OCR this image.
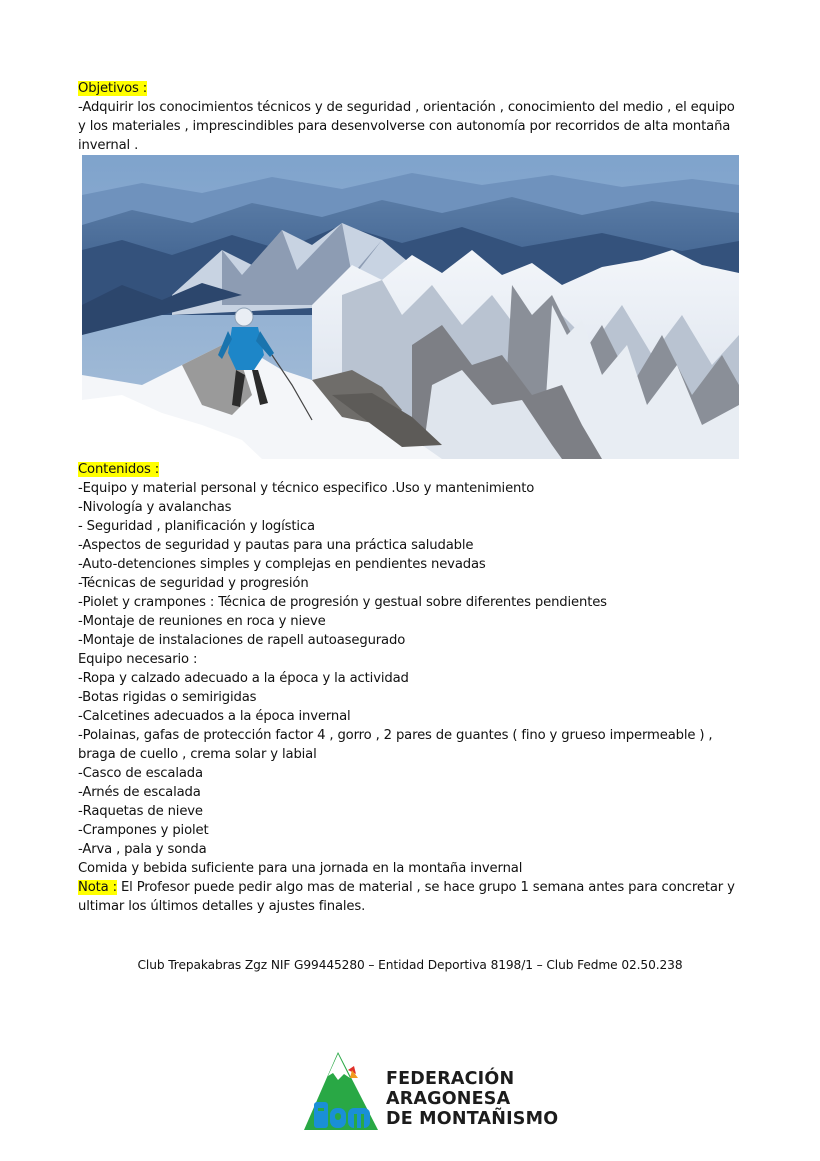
Objetivos :
-Adquirir los conocimientos técnicos y de seguridad , orientación , conocimiento del medio , el equipo
y los materiales , imprescindibles para desenvolverse con autonomía por recorridos de alta montaña
invernal .
Contenidos :
-Equipo y material personal y técnico especifico .Uso y mantenimiento
-Nivología y avalanchas
- Seguridad , planificación y logística
-Aspectos de seguridad y pautas para una práctica saludable
-Auto-detenciones simples y complejas en pendientes nevadas
-Técnicas de seguridad y progresión
-Piolet y crampones : Técnica de progresión y gestual sobre diferentes pendientes
-Montaje de reuniones en roca y nieve
-Montaje de instalaciones de rapell autoasegurado
Equipo necesario :
-Ropa y calzado adecuado a la época y la actividad
-Botas rigidas o semirigidas
-Calcetines adecuados a la época invernal
-Polainas, gafas de protección factor 4 , gorro , 2 pares de guantes ( fino y grueso impermeable ) ,
braga de cuello , crema solar y labial
-Casco de escalada
-Arnés de escalada
-Raquetas de nieve
-Crampones y piolet
-Arva , pala y sonda
Comida y bebida suficiente para una jornada en la montaña invernal
Nota : El Profesor puede pedir algo mas de material , se hace grupo 1 semana antes para concretar y
ultimar los últimos detalles y ajustes finales.
Club Trepakabras Zgz NIF G99445280 – Entidad Deportiva 8198/1 – Club Fedme 02.50.238
FEDERACIÓN
ARAGONESA
DE MONTAÑISMO
